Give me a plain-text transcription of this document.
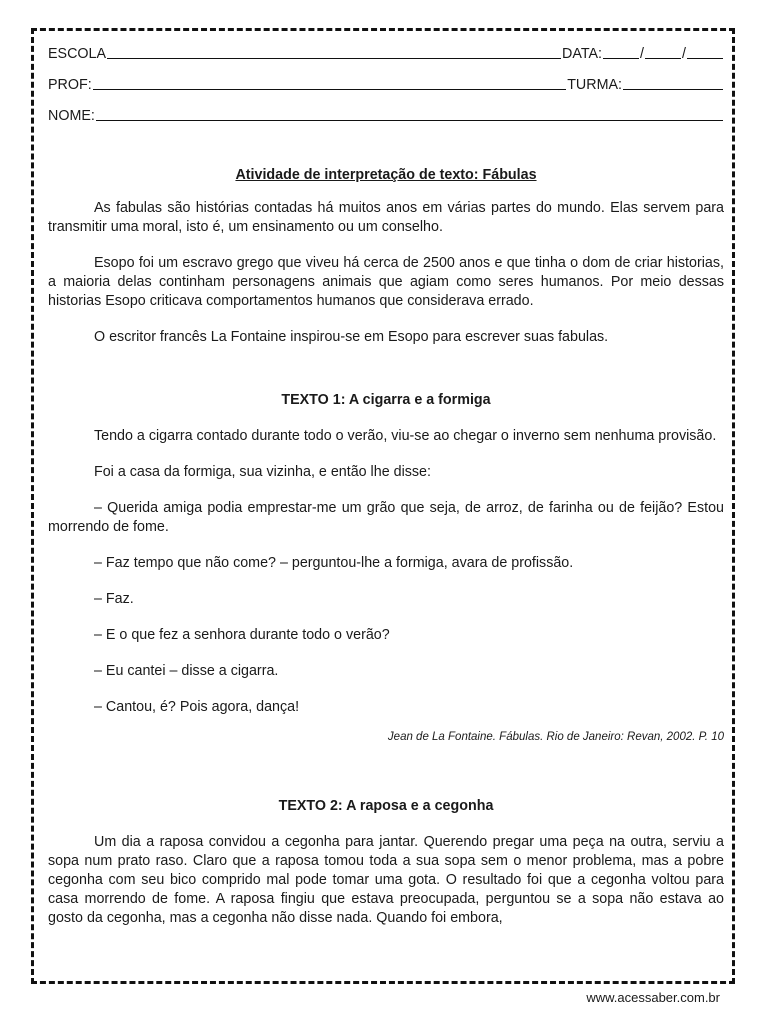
ESCOLA	DATA:	/	/
PROF:	TURMA:
NOME:
Atividade de interpretação de texto: Fábulas

As fabulas são histórias contadas há muitos anos em várias partes do mundo. Elas servem para transmitir uma moral, isto é, um ensinamento ou um conselho.

Esopo foi um escravo grego que viveu há cerca de 2500 anos e que tinha o dom de criar historias, a maioria delas continham personagens animais que agiam como seres humanos. Por meio dessas historias Esopo criticava comportamentos humanos que considerava errado.

O escritor francês La Fontaine inspirou-se em Esopo para escrever suas fabulas.

TEXTO 1: A cigarra e a formiga

Tendo a cigarra contado durante todo o verão, viu-se ao chegar o inverno sem nenhuma provisão.

Foi a casa da formiga, sua vizinha, e então lhe disse:

– Querida amiga podia emprestar-me um grão que seja, de arroz, de farinha ou de feijão? Estou morrendo de fome.

– Faz tempo que não come? – perguntou-lhe a formiga, avara de profissão.

– Faz.

– E o que fez a senhora durante todo o verão?

– Eu cantei – disse a cigarra.

– Cantou, é? Pois agora, dança!

Jean de La Fontaine. Fábulas. Rio de Janeiro: Revan, 2002. P. 10
TEXTO 2: A raposa e a cegonha

Um dia a raposa convidou a cegonha para jantar. Querendo pregar uma peça na outra, serviu a sopa num prato raso. Claro que a raposa tomou toda a sua sopa sem o menor problema, mas a pobre cegonha com seu bico comprido mal pode tomar uma gota. O resultado foi que a cegonha voltou para casa morrendo de fome. A raposa fingiu que estava preocupada, perguntou se a sopa não estava ao gosto da cegonha, mas a cegonha não disse nada. Quando foi embora,

www.acessaber.com.br
